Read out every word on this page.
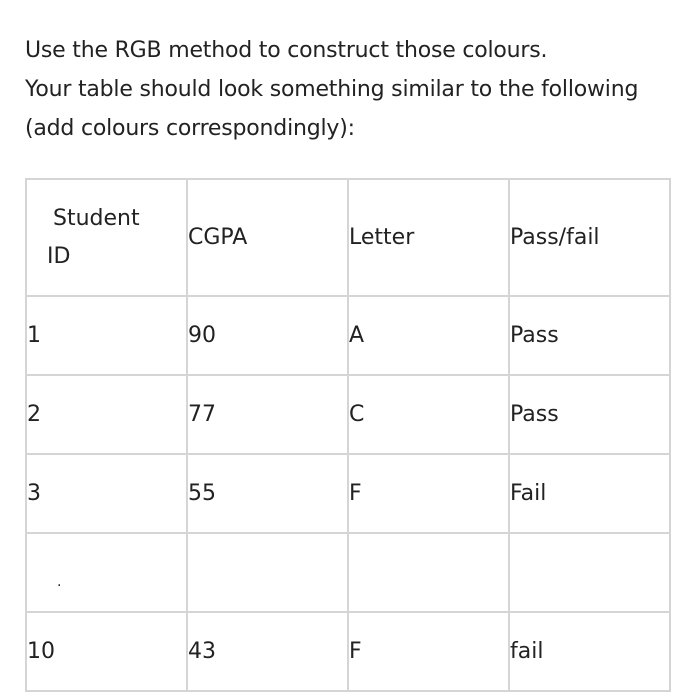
Use the RGB method to construct those colours.

Your table should look something similar to the following

(add colours correspondingly):

Student
ID	CGPA	Letter	Pass/fail
1	90	A	Pass
2	77	C	Pass
3	55	F	Fail

.			

10	43	F	fail
